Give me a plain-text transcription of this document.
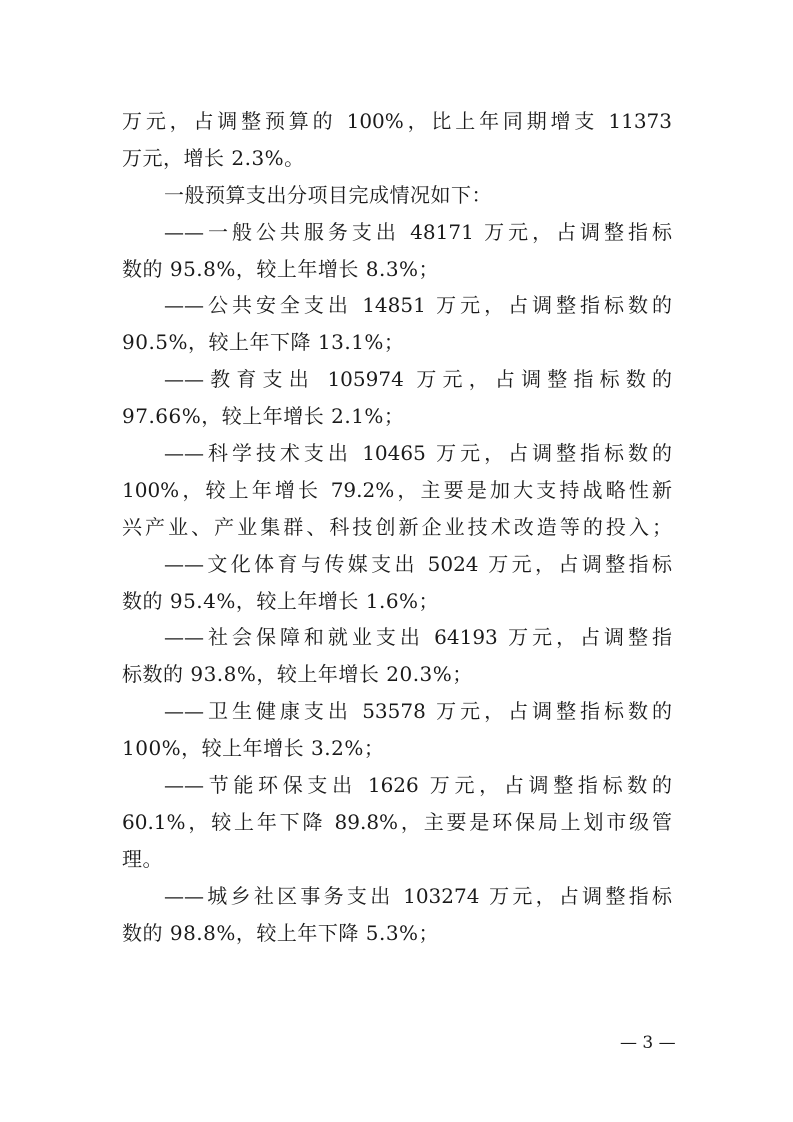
万元，占调整预算的 100%，比上年同期增支 11373
万元，增长 2.3%。
一般预算支出分项目完成情况如下：
——一般公共服务支出 48171 万元，占调整指标
数的 95.8%，较上年增长 8.3%；
——公共安全支出 14851 万元，占调整指标数的
90.5%，较上年下降 13.1%；
——教育支出 105974 万元，占调整指标数的
97.66%，较上年增长 2.1%；
——科学技术支出 10465 万元，占调整指标数的
100%，较上年增长 79.2%，主要是加大支持战略性新
兴产业、产业集群、科技创新企业技术改造等的投入；
——文化体育与传媒支出 5024 万元，占调整指标
数的 95.4%，较上年增长 1.6%；
——社会保障和就业支出 64193 万元，占调整指
标数的 93.8%，较上年增长 20.3%；
——卫生健康支出 53578 万元，占调整指标数的
100%，较上年增长 3.2%；
——节能环保支出 1626 万元，占调整指标数的
60.1%，较上年下降 89.8%，主要是环保局上划市级管
理。
——城乡社区事务支出 103274 万元，占调整指标
数的 98.8%，较上年下降 5.3%；
— 3 —
